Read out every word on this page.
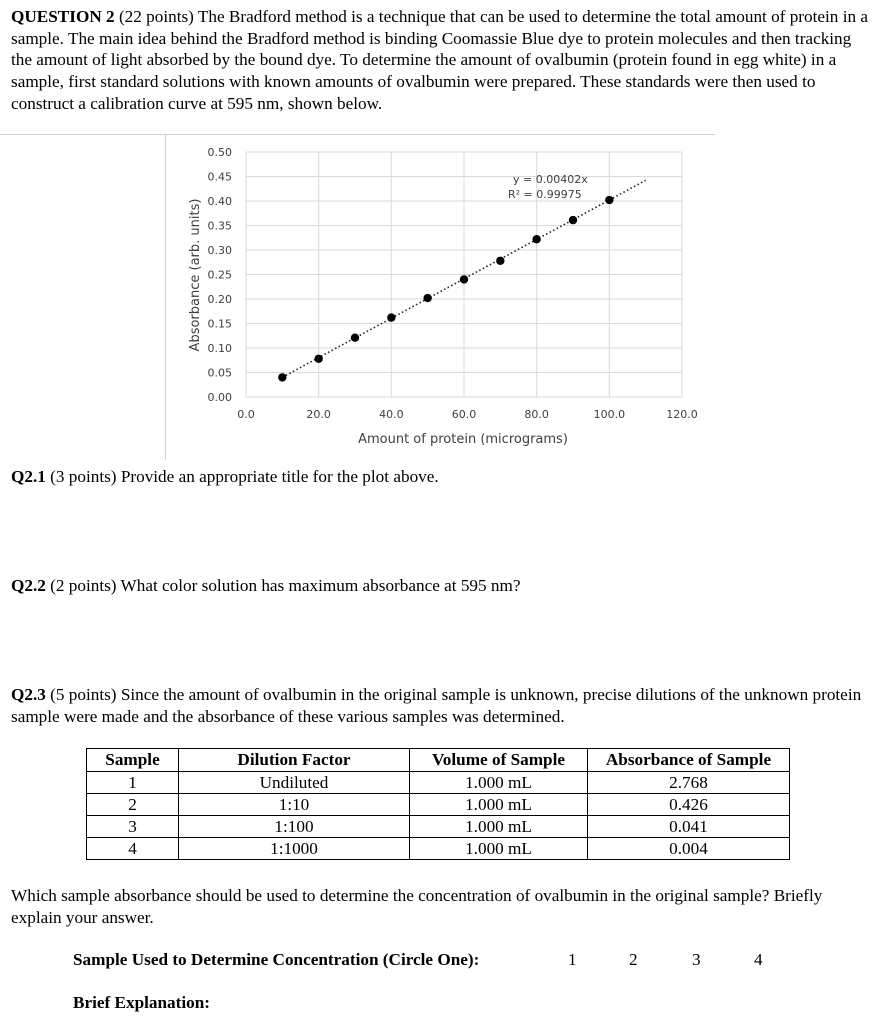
QUESTION 2 (22 points) The Bradford method is a technique that can be used to determine the total amount of protein in a sample. The main idea behind the Bradford method is binding Coomassie Blue dye to protein molecules and then tracking the amount of light absorbed by the bound dye. To determine the amount of ovalbumin (protein found in egg white) in a sample, first standard solutions with known amounts of ovalbumin were prepared. These standards were then used to construct a calibration curve at 595 nm, shown below.

0.00
0.05
0.10
0.15
0.20
0.25
0.30
0.35
0.40
0.45
0.50
0.0	20.0	40.0	60.0	80.0	100.0	120.0
y = 0.00402x
R² = 0.99975
Amount of protein (micrograms)
Absorbance (arb. units)

Q2.1 (3 points) Provide an appropriate title for the plot above.

Q2.2 (2 points) What color solution has maximum absorbance at 595 nm?

Q2.3 (5 points) Since the amount of ovalbumin in the original sample is unknown, precise dilutions of the unknown protein sample were made and the absorbance of these various samples was determined.

Sample	Dilution Factor	Volume of Sample	Absorbance of Sample
1	Undiluted	1.000 mL	2.768
2	1:10	1.000 mL	0.426
3	1:100	1.000 mL	0.041
4	1:1000	1.000 mL	0.004

Which sample absorbance should be used to determine the concentration of ovalbumin in the original sample? Briefly explain your answer.

Sample Used to Determine Concentration (Circle One):	1	2	3	4
Brief Explanation:
